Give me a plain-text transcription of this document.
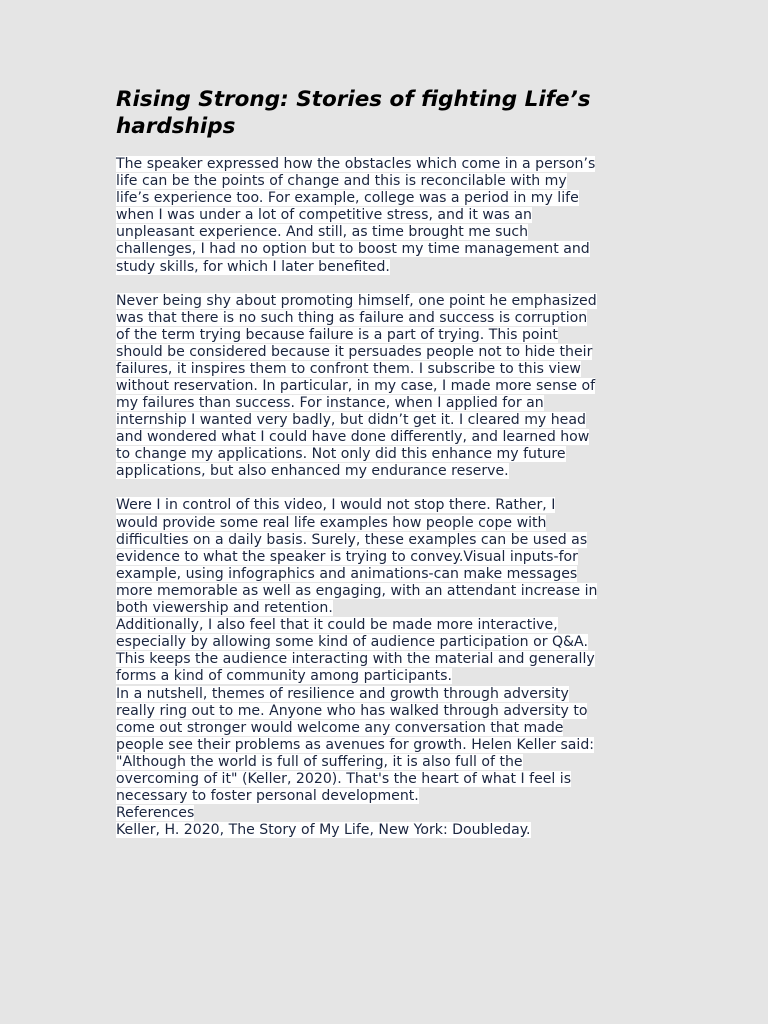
Rising Strong: Stories of fighting Life’s
hardships
The speaker expressed how the obstacles which come in a person’s
life can be the points of change and this is reconcilable with my
life’s experience too. For example, college was a period in my life
when I was under a lot of competitive stress, and it was an
unpleasant experience. And still, as time brought me such
challenges, I had no option but to boost my time management and
study skills, for which I later benefited.
Never being shy about promoting himself, one point he emphasized
was that there is no such thing as failure and success is corruption
of the term trying because failure is a part of trying. This point
should be considered because it persuades people not to hide their
failures, it inspires them to confront them. I subscribe to this view
without reservation. In particular, in my case, I made more sense of
my failures than success. For instance, when I applied for an
internship I wanted very badly, but didn’t get it. I cleared my head
and wondered what I could have done differently, and learned how
to change my applications. Not only did this enhance my future
applications, but also enhanced my endurance reserve.
Were I in control of this video, I would not stop there. Rather, I
would provide some real life examples how people cope with
difficulties on a daily basis. Surely, these examples can be used as
evidence to what the speaker is trying to convey.Visual inputs-for
example, using infographics and animations-can make messages
more memorable as well as engaging, with an attendant increase in
both viewership and retention.
Additionally, I also feel that it could be made more interactive,
especially by allowing some kind of audience participation or Q&A.
This keeps the audience interacting with the material and generally
forms a kind of community among participants.
In a nutshell, themes of resilience and growth through adversity
really ring out to me. Anyone who has walked through adversity to
come out stronger would welcome any conversation that made
people see their problems as avenues for growth. Helen Keller said:
"Although the world is full of suffering, it is also full of the
overcoming of it" (Keller, 2020). That's the heart of what I feel is
necessary to foster personal development.
References
Keller, H. 2020, The Story of My Life, New York: Doubleday.
